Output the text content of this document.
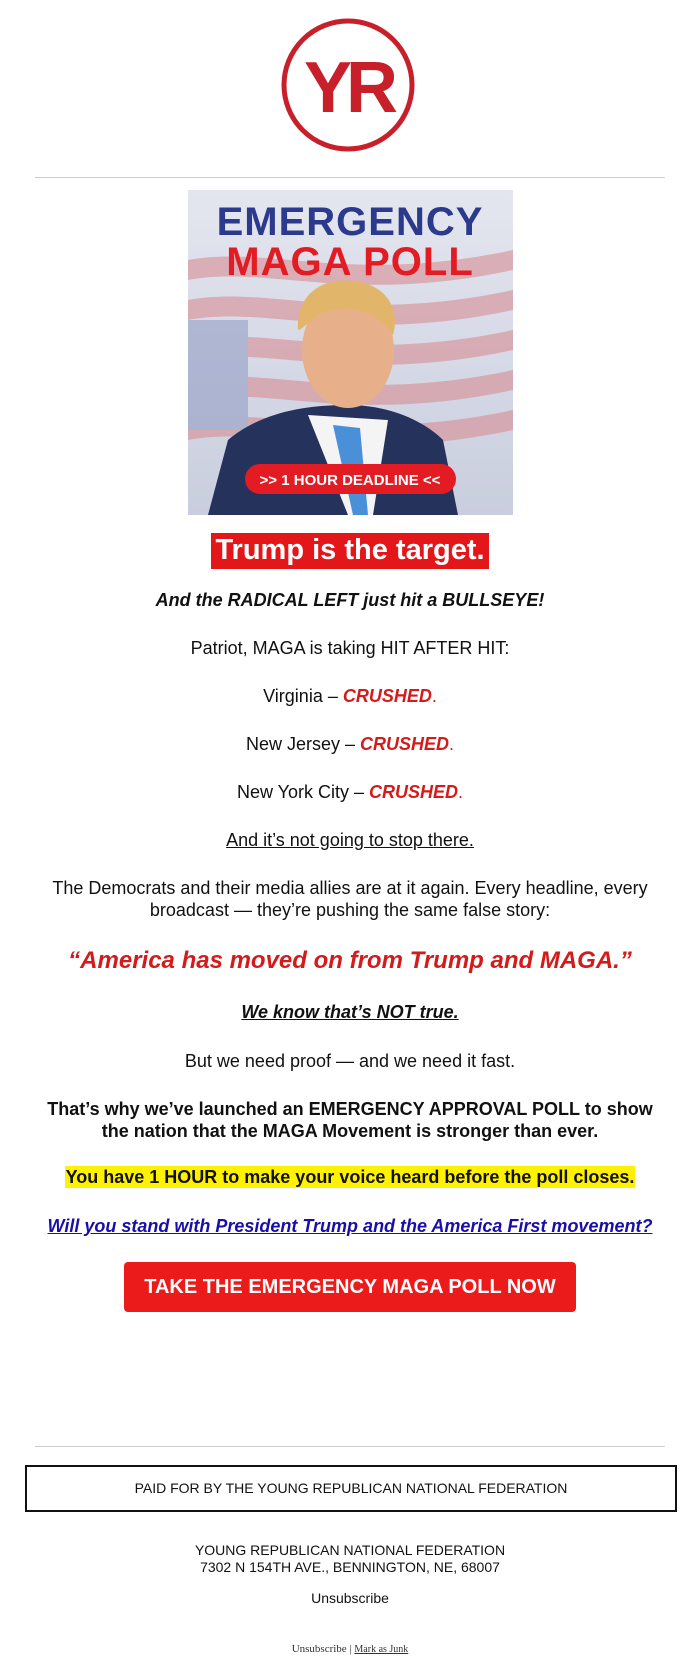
YR
EMERGENCY
MAGA POLL
>> 1 HOUR DEADLINE <<
Trump is the target.
And the RADICAL LEFT just hit a BULLSEYE!
Patriot, MAGA is taking HIT AFTER HIT:
Virginia – CRUSHED.
New Jersey – CRUSHED.
New York City – CRUSHED.
And it’s not going to stop there.
The Democrats and their media allies are at it again. Every headline, every
broadcast — they’re pushing the same false story:
“America has moved on from Trump and MAGA.”
We know that’s NOT true.
But we need proof — and we need it fast.
That’s why we’ve launched an EMERGENCY APPROVAL POLL to show
the nation that the MAGA Movement is stronger than ever.
You have 1 HOUR to make your voice heard before the poll closes.
Will you stand with President Trump and the America First movement?
TAKE THE EMERGENCY MAGA POLL NOW
PAID FOR BY THE YOUNG REPUBLICAN NATIONAL FEDERATION
YOUNG REPUBLICAN NATIONAL FEDERATION
7302 N 154TH AVE., BENNINGTON, NE, 68007
Unsubscribe
Unsubscribe | Mark as Junk
